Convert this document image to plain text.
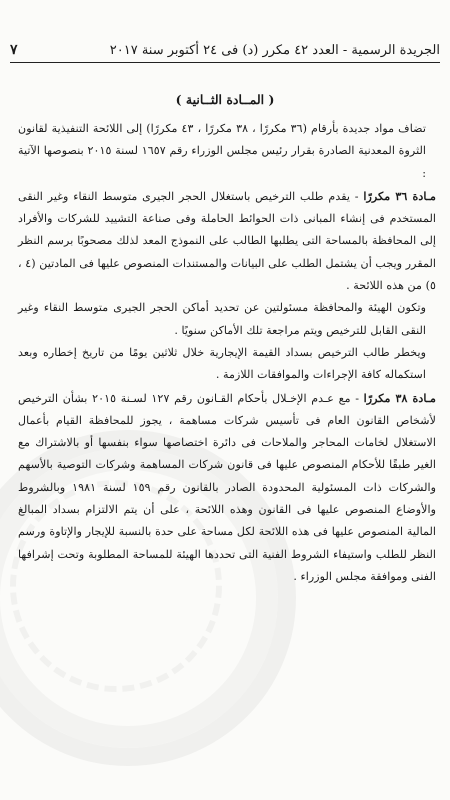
الجريدة الرسمية - العدد ٤٢ مكرر (د) فى ٢٤ أكتوبر سنة ٢٠١٧
٧
( المــادة الثــانية )

تضاف مواد جديدة بأرقام (٣٦ مكررًا ، ٣٨ مكررًا ، ٤٣ مكررًا) إلى اللائحة التنفيذية لقانون الثروة المعدنية الصادرة بقرار رئيس مجلس الوزراء رقم ١٦٥٧ لسنة ٢٠١٥ بنصوصها الآتية :

مـادة ٣٦ مكررًا - يقدم طلب الترخيص باستغلال الحجر الجيرى متوسط النقاء وغير النقى المستخدم فى إنشاء المبانى ذات الحوائط الحاملة وفى صناعة التشييد للشركات والأفراد إلى المحافظة بالمساحة التى يطلبها الطالب على النموذج المعد لذلك مصحوبًا برسم النظر المقرر ويجب أن يشتمل الطلب على البيانات والمستندات المنصوص عليها فى المادتين (٤ ، ٥) من هذه اللائحة .

وتكون الهيئة والمحافظة مسئولتين عن تحديد أماكن الحجر الجيرى متوسط النقاء وغير النقى القابل للترخيص ويتم مراجعة تلك الأماكن سنويًا .

ويخطر طالب الترخيص بسداد القيمة الإيجارية خلال ثلاثين يومًا من تاريخ إخطاره وبعد استكماله كافة الإجراءات والموافقات اللازمة .

مـادة ٣٨ مكررًا - مع عـدم الإخـلال بأحكام القـانون رقم ١٢٧ لسـنة ٢٠١٥ بشأن الترخيص لأشخاص القانون العام فى تأسيس شركات مساهمة ، يجوز للمحافظة القيام بأعمال الاستغلال لخامات المحاجر والملاحات فى دائرة اختصاصها سواء بنفسها أو بالاشتراك مع الغير طبقًا للأحكام المنصوص عليها فى قانون شركات المساهمة وشركات التوصية بالأسهم والشركات ذات المسئولية المحدودة الصادر بالقانون رقم ١٥٩ لسنة ١٩٨١ وبالشروط والأوضاع المنصوص عليها فى القانون وهذه اللائحة ، على أن يتم الالتزام بسداد المبالغ المالية المنصوص عليها فى هذه اللائحة لكل مساحة على حدة بالنسبة للإيجار والإتاوة ورسم النظر للطلب واستيفاء الشروط الفنية التى تحددها الهيئة للمساحة المطلوبة وتحت إشرافها الفنى وموافقة مجلس الوزراء .
